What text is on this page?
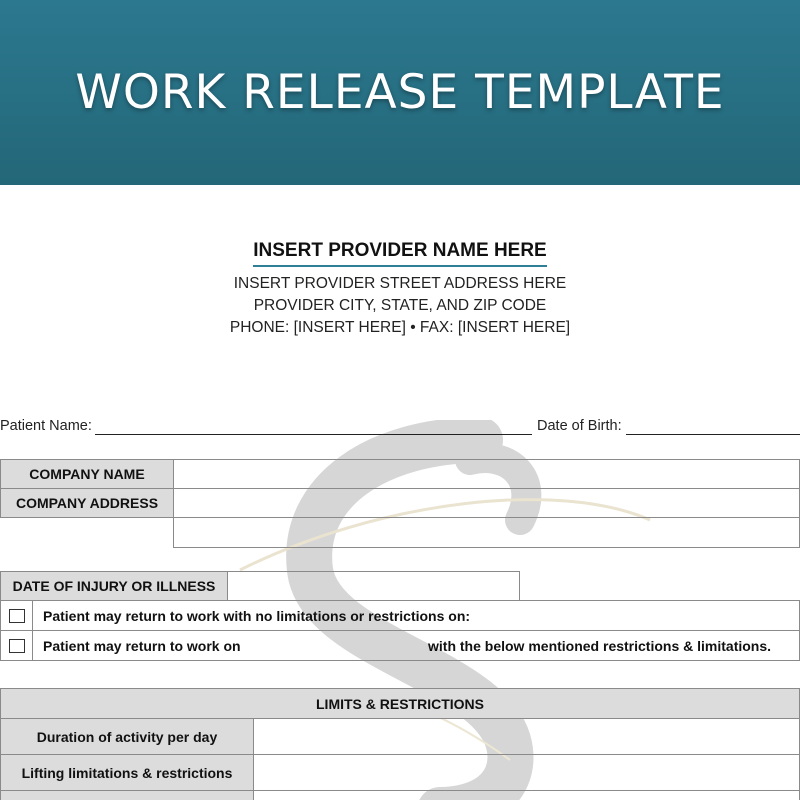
WORK RELEASE TEMPLATE
INSERT PROVIDER NAME HERE
INSERT PROVIDER STREET ADDRESS HERE
PROVIDER CITY, STATE, AND ZIP CODE
PHONE: [INSERT HERE] • FAX: [INSERT HERE]
Patient Name:	Date of Birth:
COMPANY NAME
COMPANY ADDRESS
DATE OF INJURY OR ILLNESS
Patient may return to work with no limitations or restrictions on:
Patient may return to work on	with the below mentioned restrictions & limitations.
LIMITS & RESTRICTIONS
Duration of activity per day
Lifting limitations & restrictions
